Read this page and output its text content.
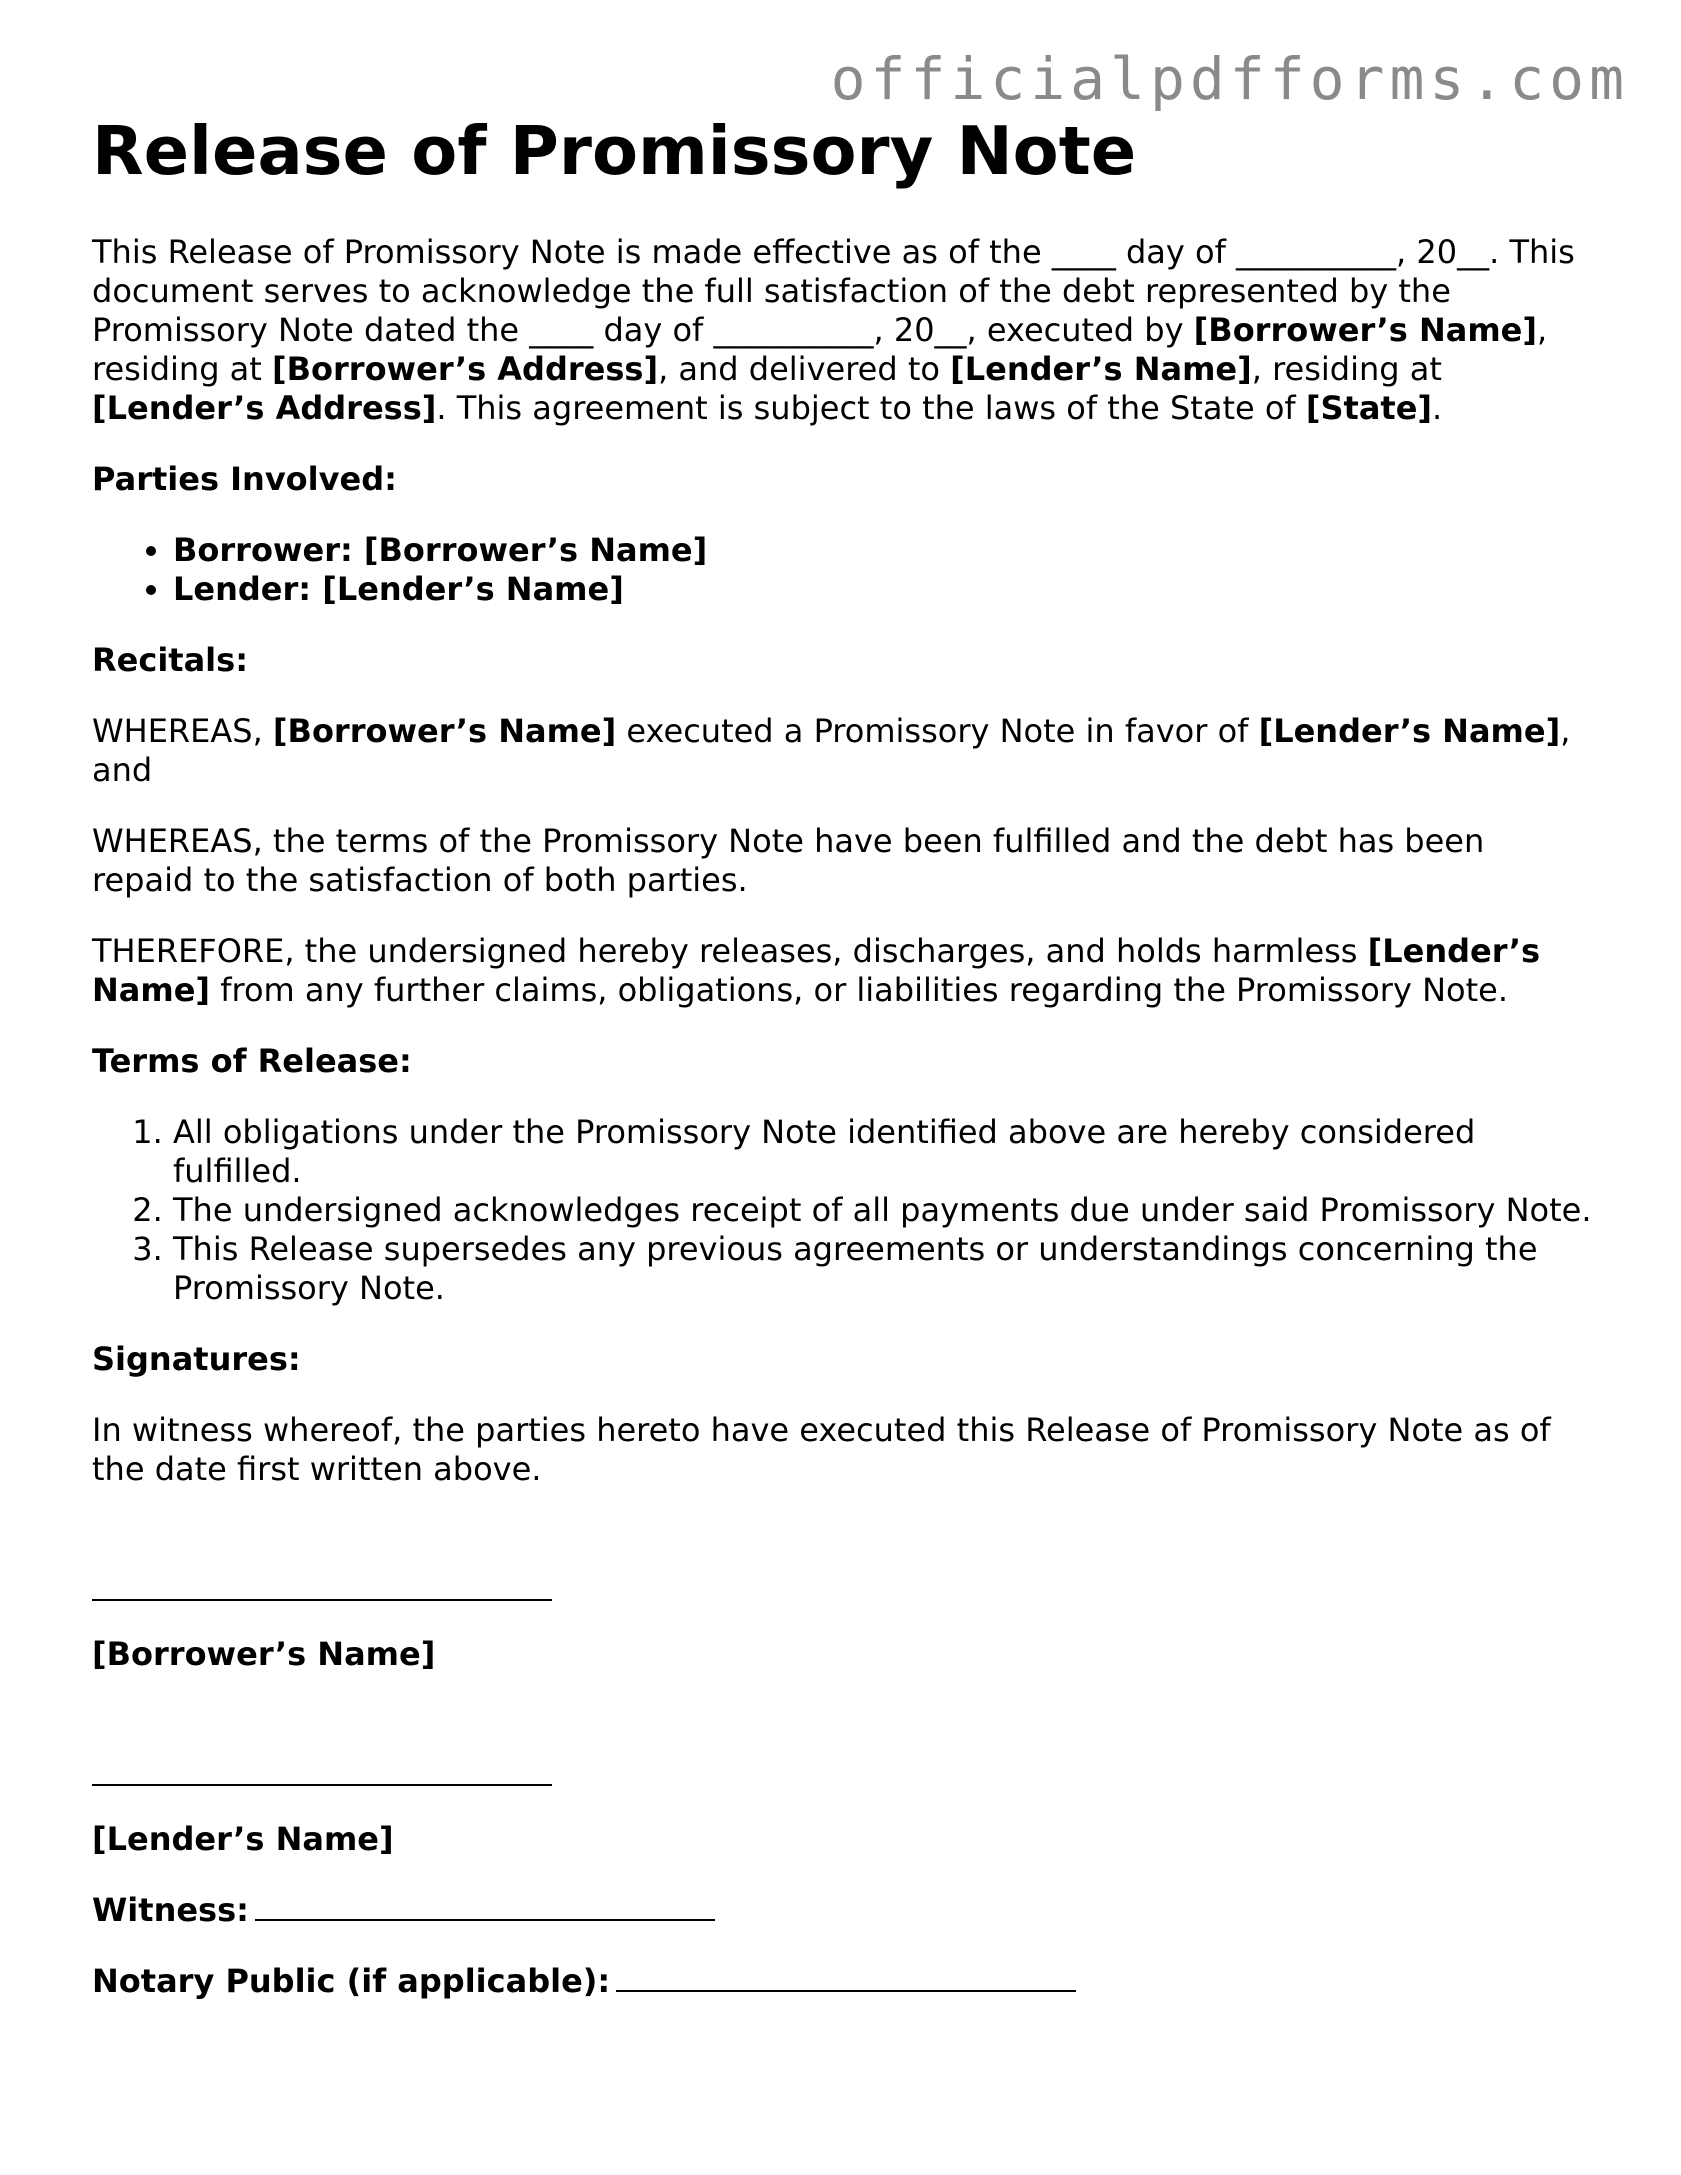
officialpdfforms.com
Release of Promissory Note

This Release of Promissory Note is made effective as of the ____ day of __________, 20__. This document serves to acknowledge the full satisfaction of the debt represented by the Promissory Note dated the ____ day of __________, 20__, executed by [Borrower’s Name], residing at [Borrower’s Address], and delivered to [Lender’s Name], residing at [Lender’s Address]. This agreement is subject to the laws of the State of [State].

Parties Involved:

• Borrower: [Borrower’s Name]
• Lender: [Lender’s Name]

Recitals:

WHEREAS, [Borrower’s Name] executed a Promissory Note in favor of [Lender’s Name], and

WHEREAS, the terms of the Promissory Note have been fulfilled and the debt has been repaid to the satisfaction of both parties.

THEREFORE, the undersigned hereby releases, discharges, and holds harmless [Lender’s Name] from any further claims, obligations, or liabilities regarding the Promissory Note.

Terms of Release:

1. All obligations under the Promissory Note identified above are hereby considered fulfilled.
2. The undersigned acknowledges receipt of all payments due under said Promissory Note.
3. This Release supersedes any previous agreements or understandings concerning the Promissory Note.

Signatures:

In witness whereof, the parties hereto have executed this Release of Promissory Note as of the date first written above.

[Borrower’s Name]

[Lender’s Name]

Witness:

Notary Public (if applicable):
